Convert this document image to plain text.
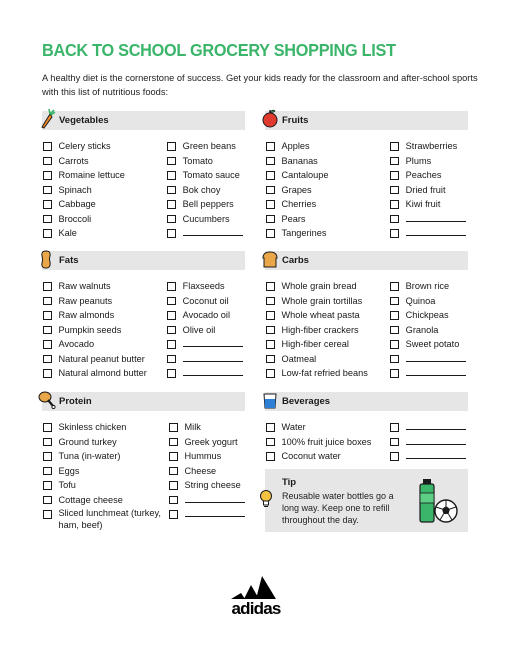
BACK TO SCHOOL GROCERY SHOPPING LIST
A healthy diet is the cornerstone of success. Get your kids ready for the classroom and after-school sports with this list of nutritious foods:
Vegetables
Celery sticks
Carrots
Romaine lettuce
Spinach
Cabbage
Broccoli
Kale
Green beans
Tomato
Tomato sauce
Bok choy
Bell peppers
Cucumbers
Fruits
Apples
Bananas
Cantaloupe
Grapes
Cherries
Pears
Tangerines
Strawberries
Plums
Peaches
Dried fruit
Kiwi fruit
Fats
Raw walnuts
Raw peanuts
Raw almonds
Pumpkin seeds
Avocado
Natural peanut butter
Natural almond butter
Flaxseeds
Coconut oil
Avocado oil
Olive oil
Carbs
Whole grain bread
Whole grain tortillas
Whole wheat pasta
High-fiber crackers
High-fiber cereal
Oatmeal
Low-fat refried beans
Brown rice
Quinoa
Chickpeas
Granola
Sweet potato
Protein
Skinless chicken
Ground turkey
Tuna (in-water)
Eggs
Tofu
Cottage cheese
Sliced lunchmeat (turkey, ham, beef)
Milk
Greek yogurt
Hummus
Cheese
String cheese
Beverages
Water
100% fruit juice boxes
Coconut water
Tip
Reusable water bottles go a long way. Keep one to refill throughout the day.
adidas
